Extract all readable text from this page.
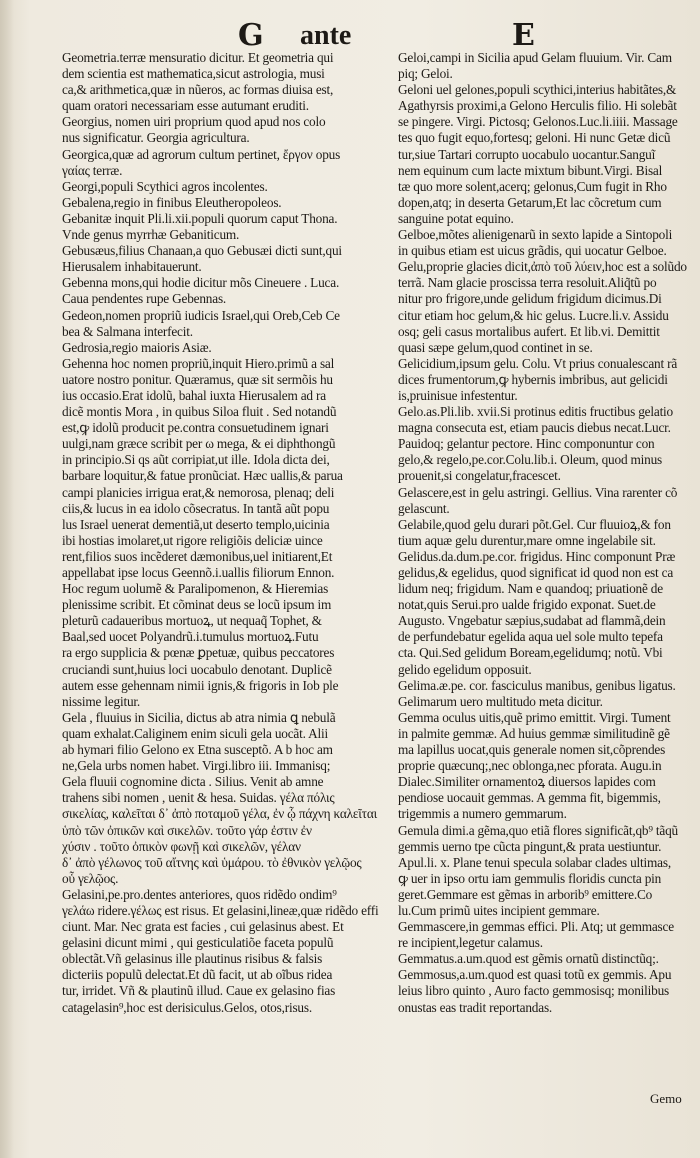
G ante	E
Geometria.terræ mensuratio dicitur. Et geometria qui
dem scientia est mathematica,sicut astrologia, musi
ca,& arithmetica,quæ in nũeros, ac formas diuisa est,
quam oratori necessariam esse autumant eruditi.
Georgius, nomen uiri proprium quod apud nos colo
nus significatur. Georgia agricultura.
Georgica,quæ ad agrorum cultum pertinet, ἔργον opus
γαίας terræ.
Georgi,populi Scythici agros incolentes.
Gebalena,regio in finibus Eleutheropoleos.
Gebanitæ inquit Pli.li.xii.populi quorum caput Thona.
Vnde genus myrrhæ Gebaniticum.
Gebusæus,filius Chanaan,a quo Gebusæi dicti sunt,qui
Hierusalem inhabitauerunt.
Gebenna mons,qui hodie dicitur mõs Cineuere . Luca.
Caua pendentes rupe Gebennas.
Gedeon,nomen propriũ iudicis Israel,qui Oreb,Ceb Ce
bea & Salmana interfecit.
Gedrosia,regio maioris Asiæ.
Gehenna hoc nomen propriũ,inquit Hiero.primũ a sal
uatore nostro ponitur. Quæramus, quæ sit sermõis hu
ius occasio.Erat idolũ, bahal iuxta Hierusalem ad ra
dicẽ montis Mora , in quibus Siloa fluit . Sed notandũ
est,ꝙ idolũ producit pe.contra consuetudinem ignari
uulgi,nam græce scribit per ω mega, & ei diphthongũ
in principio.Si qs aũt corripiat,ut ille. Idola dicta dei,
barbare loquitur,& fatue pronũciat. Hæc uallis,& parua
campi planicies irrigua erat,& nemorosa, plenaq; deli
ciis,& lucus in ea idolo cõsecratus. In tantã aũt popu
lus Israel uenerat dementiã,ut deserto templo,uicinia
ibi hostias imolaret,ut rigore religiõis deliciæ uince
rent,filios suos incẽderet dæmonibus,uel initiarent,Et
appellabat ipse locus Geennõ.i.uallis filiorum Ennon.
Hoc regum uolumẽ & Paralipomenon, & Hieremias
plenissime scribit. Et cõminat deus se locũ ipsum im
pleturũ cadaueribus mortuoꝝ, ut nequaq̃ Tophet, &
Baal,sed uocet Polyandrũ.i.tumulus mortuoꝝ.Futu
ra ergo supplicia & pœnæ ꝑpetuæ, quibus peccatores
cruciandi sunt,huius loci uocabulo denotant. Duplicẽ
autem esse gehennam nimii ignis,& frigoris in Iob ple
nissime legitur.
Gela , fluuius in Sicilia, dictus ab atra nimia ꝗ nebulã
quam exhalat.Caliginem enim siculi gela uocãt. Alii
ab hymari filio Gelono ex Etna susceptõ. A b hoc am
ne,Gela urbs nomen habet. Virgi.libro iii. Immanisq;
Gela fluuii cognomine dicta . Silius. Venit ab amne
trahens sibi nomen , uenit & hesa. Suidas. γέλα πόλις
σικελίας, καλεῖται δ᾽ ἀπὸ ποταμοῦ γέλα, ἐν ᾧ πάχνη καλεῖται
ὑπὸ τῶν ὀπικῶν καὶ σικελῶν. τοῦτο γάρ ἐστιν ἐν
χύσιν . τοῦτο ὀπικὸν φωνῇ καὶ σικελῶν, γέλαν
δ᾽ ἀπὸ γέλωνος τοῦ αἴτνης καὶ ὑμάρου. τὸ ἐθνικὸν γελῷος
οὗ γελῷος.
Gelasini,pe.pro.dentes anteriores, quos ridẽdo ondim⁹
γελάω ridere.γέλως est risus. Et gelasini,lineæ,quæ ridẽdo effi
ciunt. Mar. Nec grata est facies , cui gelasinus abest. Et
gelasini dicunt mimi , qui gesticulatiõe faceta populũ
oblectãt.Vñ gelasinus ille plautinus risibus & falsis
dicteriis populũ delectat.Et dũ facit, ut ab oĩbus ridea
tur, irridet. Vñ & plautinũ illud. Caue ex gelasino fias
catagelasin⁹,hoc est derisiculus.Gelos, otos,risus.
Geloi,campi in Sicilia apud Gelam fluuium. Vir. Cam
piq; Geloi.
Geloni uel gelones,populi scythici,interius habitãtes,&
Agathyrsis proximi,a Gelono Herculis filio. Hi solebãt
se pingere. Virgi. Pictosq; Gelonos.Luc.li.iiii. Massage
tes quo fugit equo,fortesq; geloni. Hi nunc Getæ dicũ
tur,siue Tartari corrupto uocabulo uocantur.Sanguĩ
nem equinum cum lacte mixtum bibunt.Virgi. Bisal
tæ quo more solent,acerq; gelonus,Cum fugit in Rho
dopen,atq; in deserta Getarum,Et lac cõcretum cum
sanguine potat equino.
Gelboe,mõtes alienigenarũ in sexto lapide a Sintopoli
in quibus etiam est uicus grãdis, qui uocatur Gelboe.
Gelu,proprie glacies dicit,ἀπὸ τοῦ λύειν,hoc est a solũdo
terrã. Nam glacie proscissa terra resoluit.Aliq̃tũ po
nitur pro frigore,unde gelidum frigidum dicimus.Di
citur etiam hoc gelum,& hic gelus. Lucre.li.v. Assidu
osq; geli casus mortalibus aufert. Et lib.vi. Demittit
quasi sæpe gelum,quod continet in se.
Gelicidium,ipsum gelu. Colu. Vt prius conualescant rã
dices frumentorum,ꝙ hybernis imbribus, aut gelicidi
is,pruinisue infestentur.
Gelo.as.Pli.lib. xvii.Si protinus editis fructibus gelatio
magna consecuta est, etiam paucis diebus necat.Lucr.
Pauidoq; gelantur pectore. Hinc componuntur con
gelo,& regelo,pe.cor.Colu.lib.i. Oleum, quod minus
prouenit,si congelatur,fracescet.
Gelascere,est in gelu astringi. Gellius. Vina rarenter cõ
gelascunt.
Gelabile,quod gelu durari põt.Gel. Cur fluuioꝝ,& fon
tium aquæ gelu durentur,mare omne ingelabile sit.
Gelidus.da.dum.pe.cor. frigidus. Hinc componunt Præ
gelidus,& egelidus, quod significat id quod non est ca
lidum neq; frigidum. Nam e quandoq; priuationẽ de
notat,quis Serui.pro ualde frigido exponat. Suet.de
Augusto. Vngebatur sæpius,sudabat ad flammã,dein
de perfundebatur egelida aqua uel sole multo tepefa
cta. Qui.Sed gelidum Boream,egelidumq; notũ. Vbi
gelido egelidum opposuit.
Gelima.æ.pe. cor. fasciculus manibus, genibus ligatus.
Gelimarum uero multitudo meta dicitur.
Gemma oculus uitis,quẽ primo emittit. Virgi. Tument
in palmite gemmæ. Ad huius gemmæ similitudinẽ gẽ
ma lapillus uocat,quis generale nomen sit,cõprendes
proprie quæcunq;,nec oblonga,nec pforata. Augu.in
Dialec.Similiter ornamentoꝝ diuersos lapides com
pendiose uocauit gemmas. A gemma fit, bigemmis,
trigemmis a numero gemmarum.
Gemula dimi.a gẽma,quo etiã flores significãt,qb⁹ tãqũ
gemmis uerno tpe cũcta pingunt,& prata uestiuntur.
Apul.li. x. Plane tenui specula solabar clades ultimas,
ꝙ uer in ipso ortu iam gemmulis floridis cuncta pin
geret.Gemmare est gẽmas in arborib⁹ emittere.Co
lu.Cum primũ uites incipient gemmare.
Gemmascere,in gemmas effici. Pli. Atq; ut gemmasce
re incipient,legetur calamus.
Gemmatus.a.um.quod est gẽmis ornatũ distinctũq;.
Gemmosus,a.um.quod est quasi totũ ex gemmis. Apu
leius libro quinto , Auro facto gemmosisq; monilibus
onustas eas tradit reportandas.
Gemo
